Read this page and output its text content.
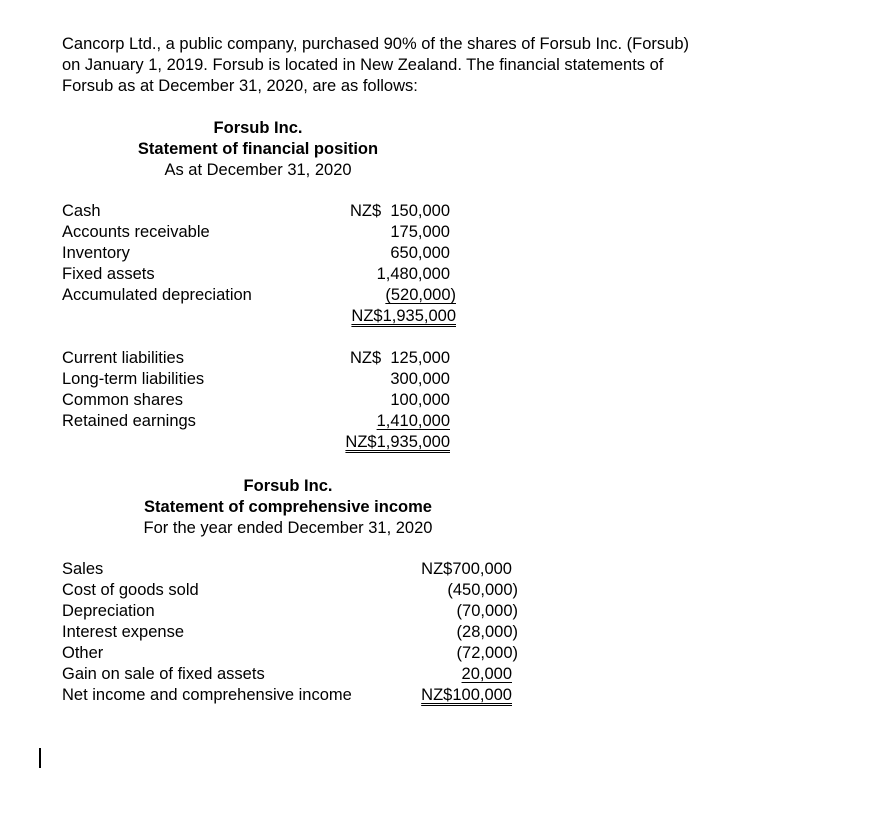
Cancorp Ltd., a public company, purchased 90% of the shares of Forsub Inc. (Forsub)
on January 1, 2019. Forsub is located in New Zealand. The financial statements of
Forsub as at December 31, 2020, are as follows:
Forsub Inc.
Statement of financial position
As at December 31, 2020
Cash	NZ$  150,000
Accounts receivable	175,000
Inventory	650,000
Fixed assets	1,480,000
Accumulated depreciation	(520,000)
NZ$1,935,000
Current liabilities	NZ$  125,000
Long-term liabilities	300,000
Common shares	100,000
Retained earnings	1,410,000
NZ$1,935,000
Forsub Inc.
Statement of comprehensive income
For the year ended December 31, 2020
Sales	NZ$700,000
Cost of goods sold	(450,000)
Depreciation	(70,000)
Interest expense	(28,000)
Other	(72,000)
Gain on sale of fixed assets	20,000
Net income and comprehensive income	NZ$100,000
